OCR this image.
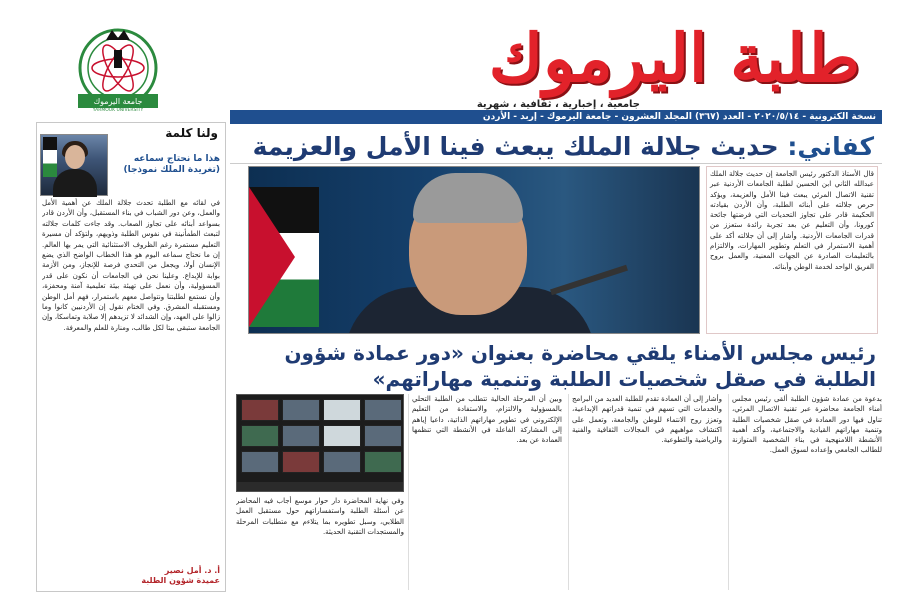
جامعة اليرموك
YARMOUK UNIVERSITY
طلبة اليرموك
جامعية ، إخبارية ، ثقافية ، شهرية
نسخة الكترونية - ٢٠٢٠/٥/١٤ - العدد (٣٦٧) المجلد العشرون - جامعة اليرموك - إربد - الأردن
ولنا كلمة
هذا ما نحتاج سماعه (تغريدة الملك نموذجا)
في لقائه مع الطلبة تحدث جلالة الملك عن أهمية الأمل والعمل، وعن دور الشباب في بناء المستقبل، وأن الأردن قادر بسواعد أبنائه على تجاوز الصعاب. وقد جاءت كلمات جلالته لتبعث الطمأنينة في نفوس الطلبة وذويهم، ولتؤكد أن مسيرة التعليم مستمرة رغم الظروف الاستثنائية التي يمر بها العالم. إن ما نحتاج سماعه اليوم هو هذا الخطاب الواضح الذي يضع الإنسان أولا، ويجعل من التحدي فرصة للإنجاز، ومن الأزمة بوابة للإبداع. وعلينا نحن في الجامعات أن نكون على قدر المسؤولية، وأن نعمل على تهيئة بيئة تعليمية آمنة ومحفزة، وأن نستمع لطلبتنا ونتواصل معهم باستمرار، فهم أمل الوطن ومستقبله المشرق. وفي الختام نقول إن الأردنيين كانوا وما زالوا على العهد، وإن الشدائد لا تزيدهم إلا صلابة وتماسكا، وإن الجامعة ستبقى بيتا لكل طالب، ومنارة للعلم والمعرفة.
أ. د. أمل نصير
عميدة شؤون الطلبة
كفاني: حديث جلالة الملك يبعث فينا الأمل والعزيمة
قال الأستاذ الدكتور رئيس الجامعة إن حديث جلالة الملك عبدالله الثاني ابن الحسين لطلبة الجامعات الأردنية عبر تقنية الاتصال المرئي يبعث فينا الأمل والعزيمة، ويؤكد حرص جلالته على أبنائه الطلبة، وأن الأردن بقيادته الحكيمة قادر على تجاوز التحديات التي فرضتها جائحة كورونا، وأن التعليم عن بعد تجربة رائدة ستعزز من قدرات الجامعات الأردنية. وأشار إلى أن جلالته أكد على أهمية الاستمرار في التعلم وتطوير المهارات، والالتزام بالتعليمات الصادرة عن الجهات المعنية، والعمل بروح الفريق الواحد لخدمة الوطن وأبنائه.
رئيس مجلس الأمناء يلقي محاضرة بعنوان «دور عمادة شؤون الطلبة في صقل شخصيات الطلبة وتنمية مهاراتهم»
وفي نهاية المحاضرة دار حوار موسع أجاب فيه المحاضر عن أسئلة الطلبة واستفساراتهم حول مستقبل العمل الطلابي، وسبل تطويره بما يتلاءم مع متطلبات المرحلة والمستجدات التقنية الحديثة.
بدعوة من عمادة شؤون الطلبة ألقى رئيس مجلس أمناء الجامعة محاضرة عبر تقنية الاتصال المرئي، تناول فيها دور العمادة في صقل شخصيات الطلبة وتنمية مهاراتهم القيادية والاجتماعية، وأكد أهمية الأنشطة اللامنهجية في بناء الشخصية المتوازنة للطالب الجامعي وإعداده لسوق العمل.
وأشار إلى أن العمادة تقدم للطلبة العديد من البرامج والخدمات التي تسهم في تنمية قدراتهم الإبداعية، وتعزز روح الانتماء للوطن والجامعة، وتعمل على اكتشاف مواهبهم في المجالات الثقافية والفنية والرياضية والتطوعية.
وبين أن المرحلة الحالية تتطلب من الطلبة التحلي بالمسؤولية والالتزام، والاستفادة من التعليم الإلكتروني في تطوير مهاراتهم الذاتية، داعيا إياهم إلى المشاركة الفاعلة في الأنشطة التي تنظمها العمادة عن بعد.
